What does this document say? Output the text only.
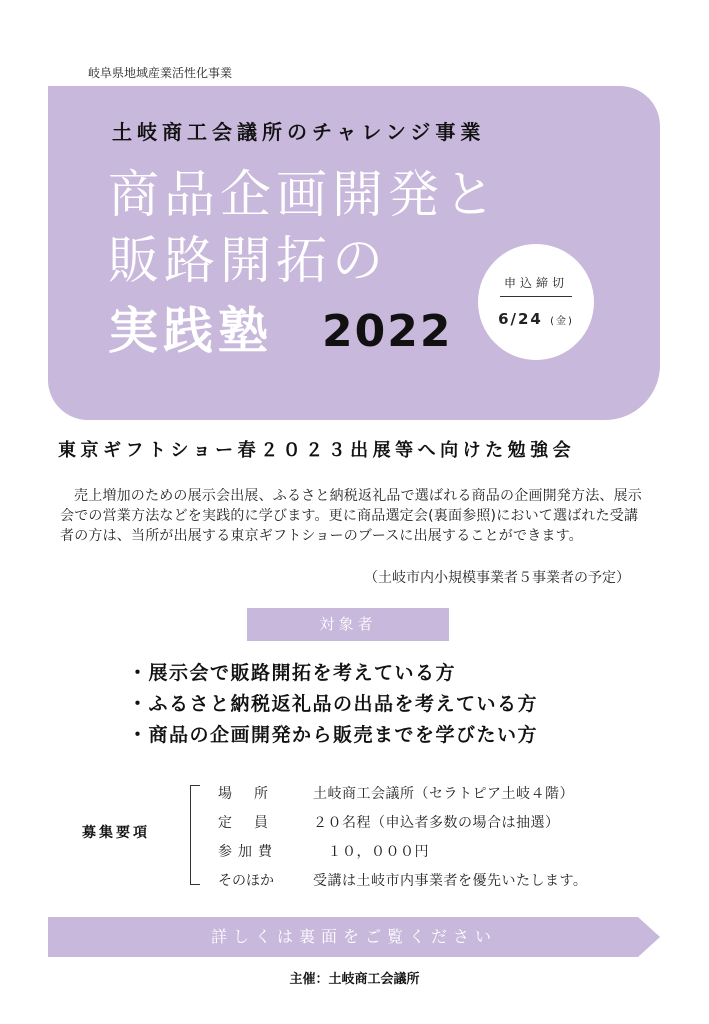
岐阜県地域産業活性化事業
土岐商工会議所のチャレンジ事業
商品企画開発と
販路開拓の
実践塾 2022
申込締切
6/24 (金)
東京ギフトショー春２０２３出展等へ向けた勉強会

売上増加のための展示会出展、ふるさと納税返礼品で選ばれる商品の企画開発方法、展示会での営業方法などを実践的に学びます。更に商品選定会(裏面参照)において選ばれた受講者の方は、当所が出展する東京ギフトショーのブースに出展することができます。

（土岐市内小規模事業者５事業者の予定）
対象者
・展示会で販路開拓を考えている方
・ふるさと納税返礼品の出品を考えている方
・商品の企画開発から販売までを学びたい方
募集要項
場所 土岐商工会議所（セラトピア土岐４階）
定員 ２０名程（申込者多数の場合は抽選）
参加費	　１０，０００円
そのほか	受講は土岐市内事業者を優先いたします。
詳しくは裏面をご覧ください
主催：土岐商工会議所
